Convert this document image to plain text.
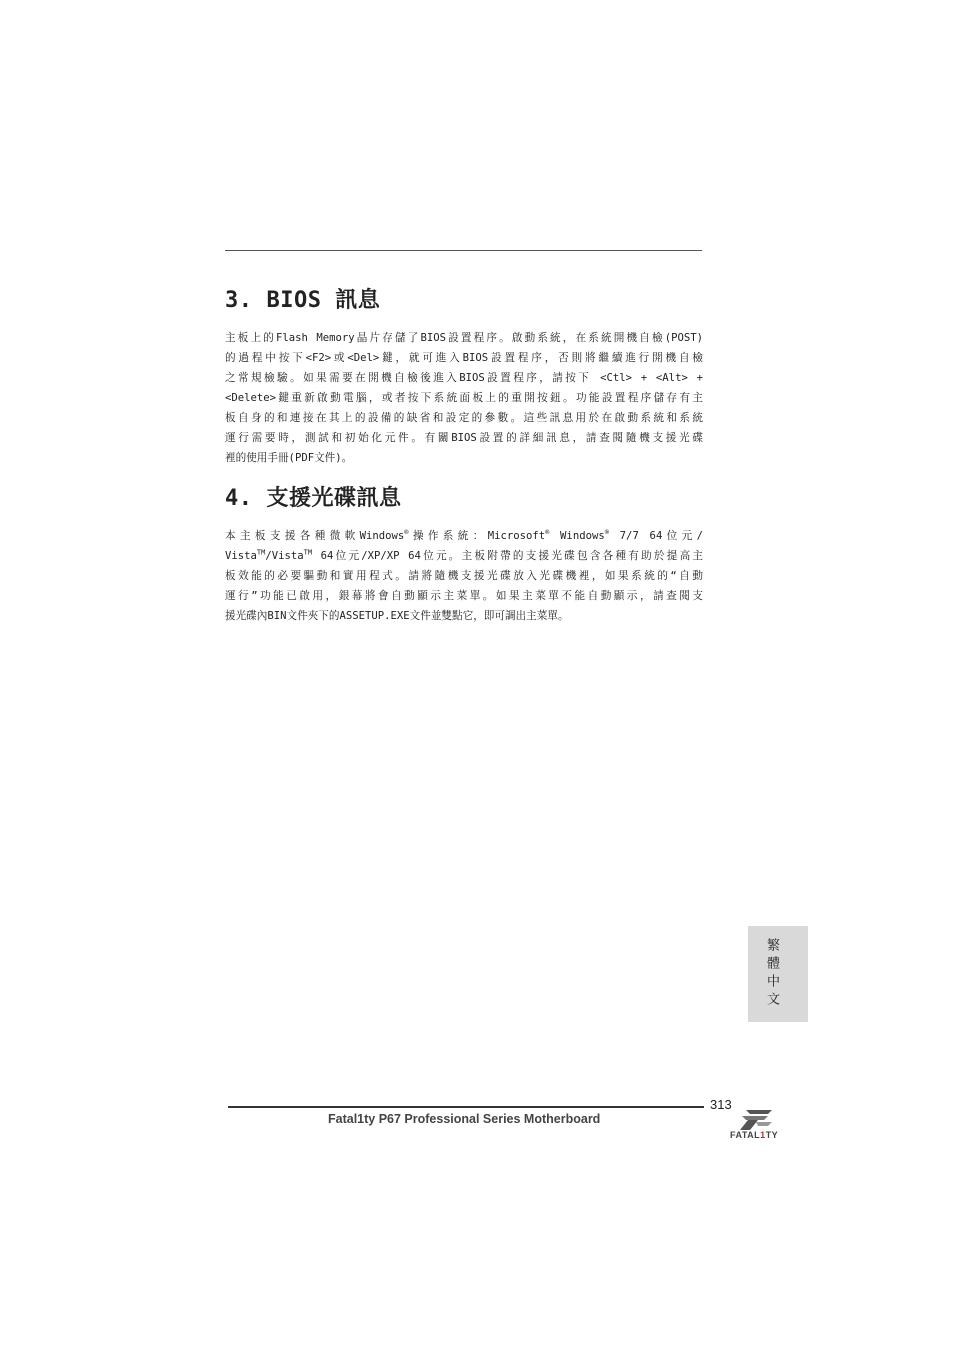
3. BIOS 訊息
主板上的Flash Memory晶片存儲了BIOS設置程序。啟動系統，在系統開機自檢(POST)
的過程中按下<F2>或<Del>鍵，就可進入BIOS設置程序，否則將繼續進行開機自檢
之常規檢驗。如果需要在開機自檢後進入BIOS設置程序，請按下 <Ctl> + <Alt> +
<Delete>鍵重新啟動電腦，或者按下系統面板上的重開按鈕。功能設置程序儲存有主
板自身的和連接在其上的設備的缺省和設定的參數。這些訊息用於在啟動系統和系統
運行需要時，測試和初始化元件。有關BIOS設置的詳細訊息，請查閱隨機支援光碟
裡的使用手冊(PDF文件)。
4. 支援光碟訊息
本主板支援各種微軟Windows®操作系統：Microsoft® Windows® 7/7 64位元/
Vista™/Vista™ 64位元/XP/XP 64位元。主板附帶的支援光碟包含各種有助於提高主
板效能的必要驅動和實用程式。請將隨機支援光碟放入光碟機裡，如果系統的“自動
運行”功能已啟用，銀幕將會自動顯示主菜單。如果主菜單不能自動顯示，請查閱支
援光碟內BIN文件夾下的ASSETUP.EXE文件並雙點它，即可調出主菜單。
繁體中文
313
Fatal1ty P67 Professional Series Motherboard
FATAL1TY
